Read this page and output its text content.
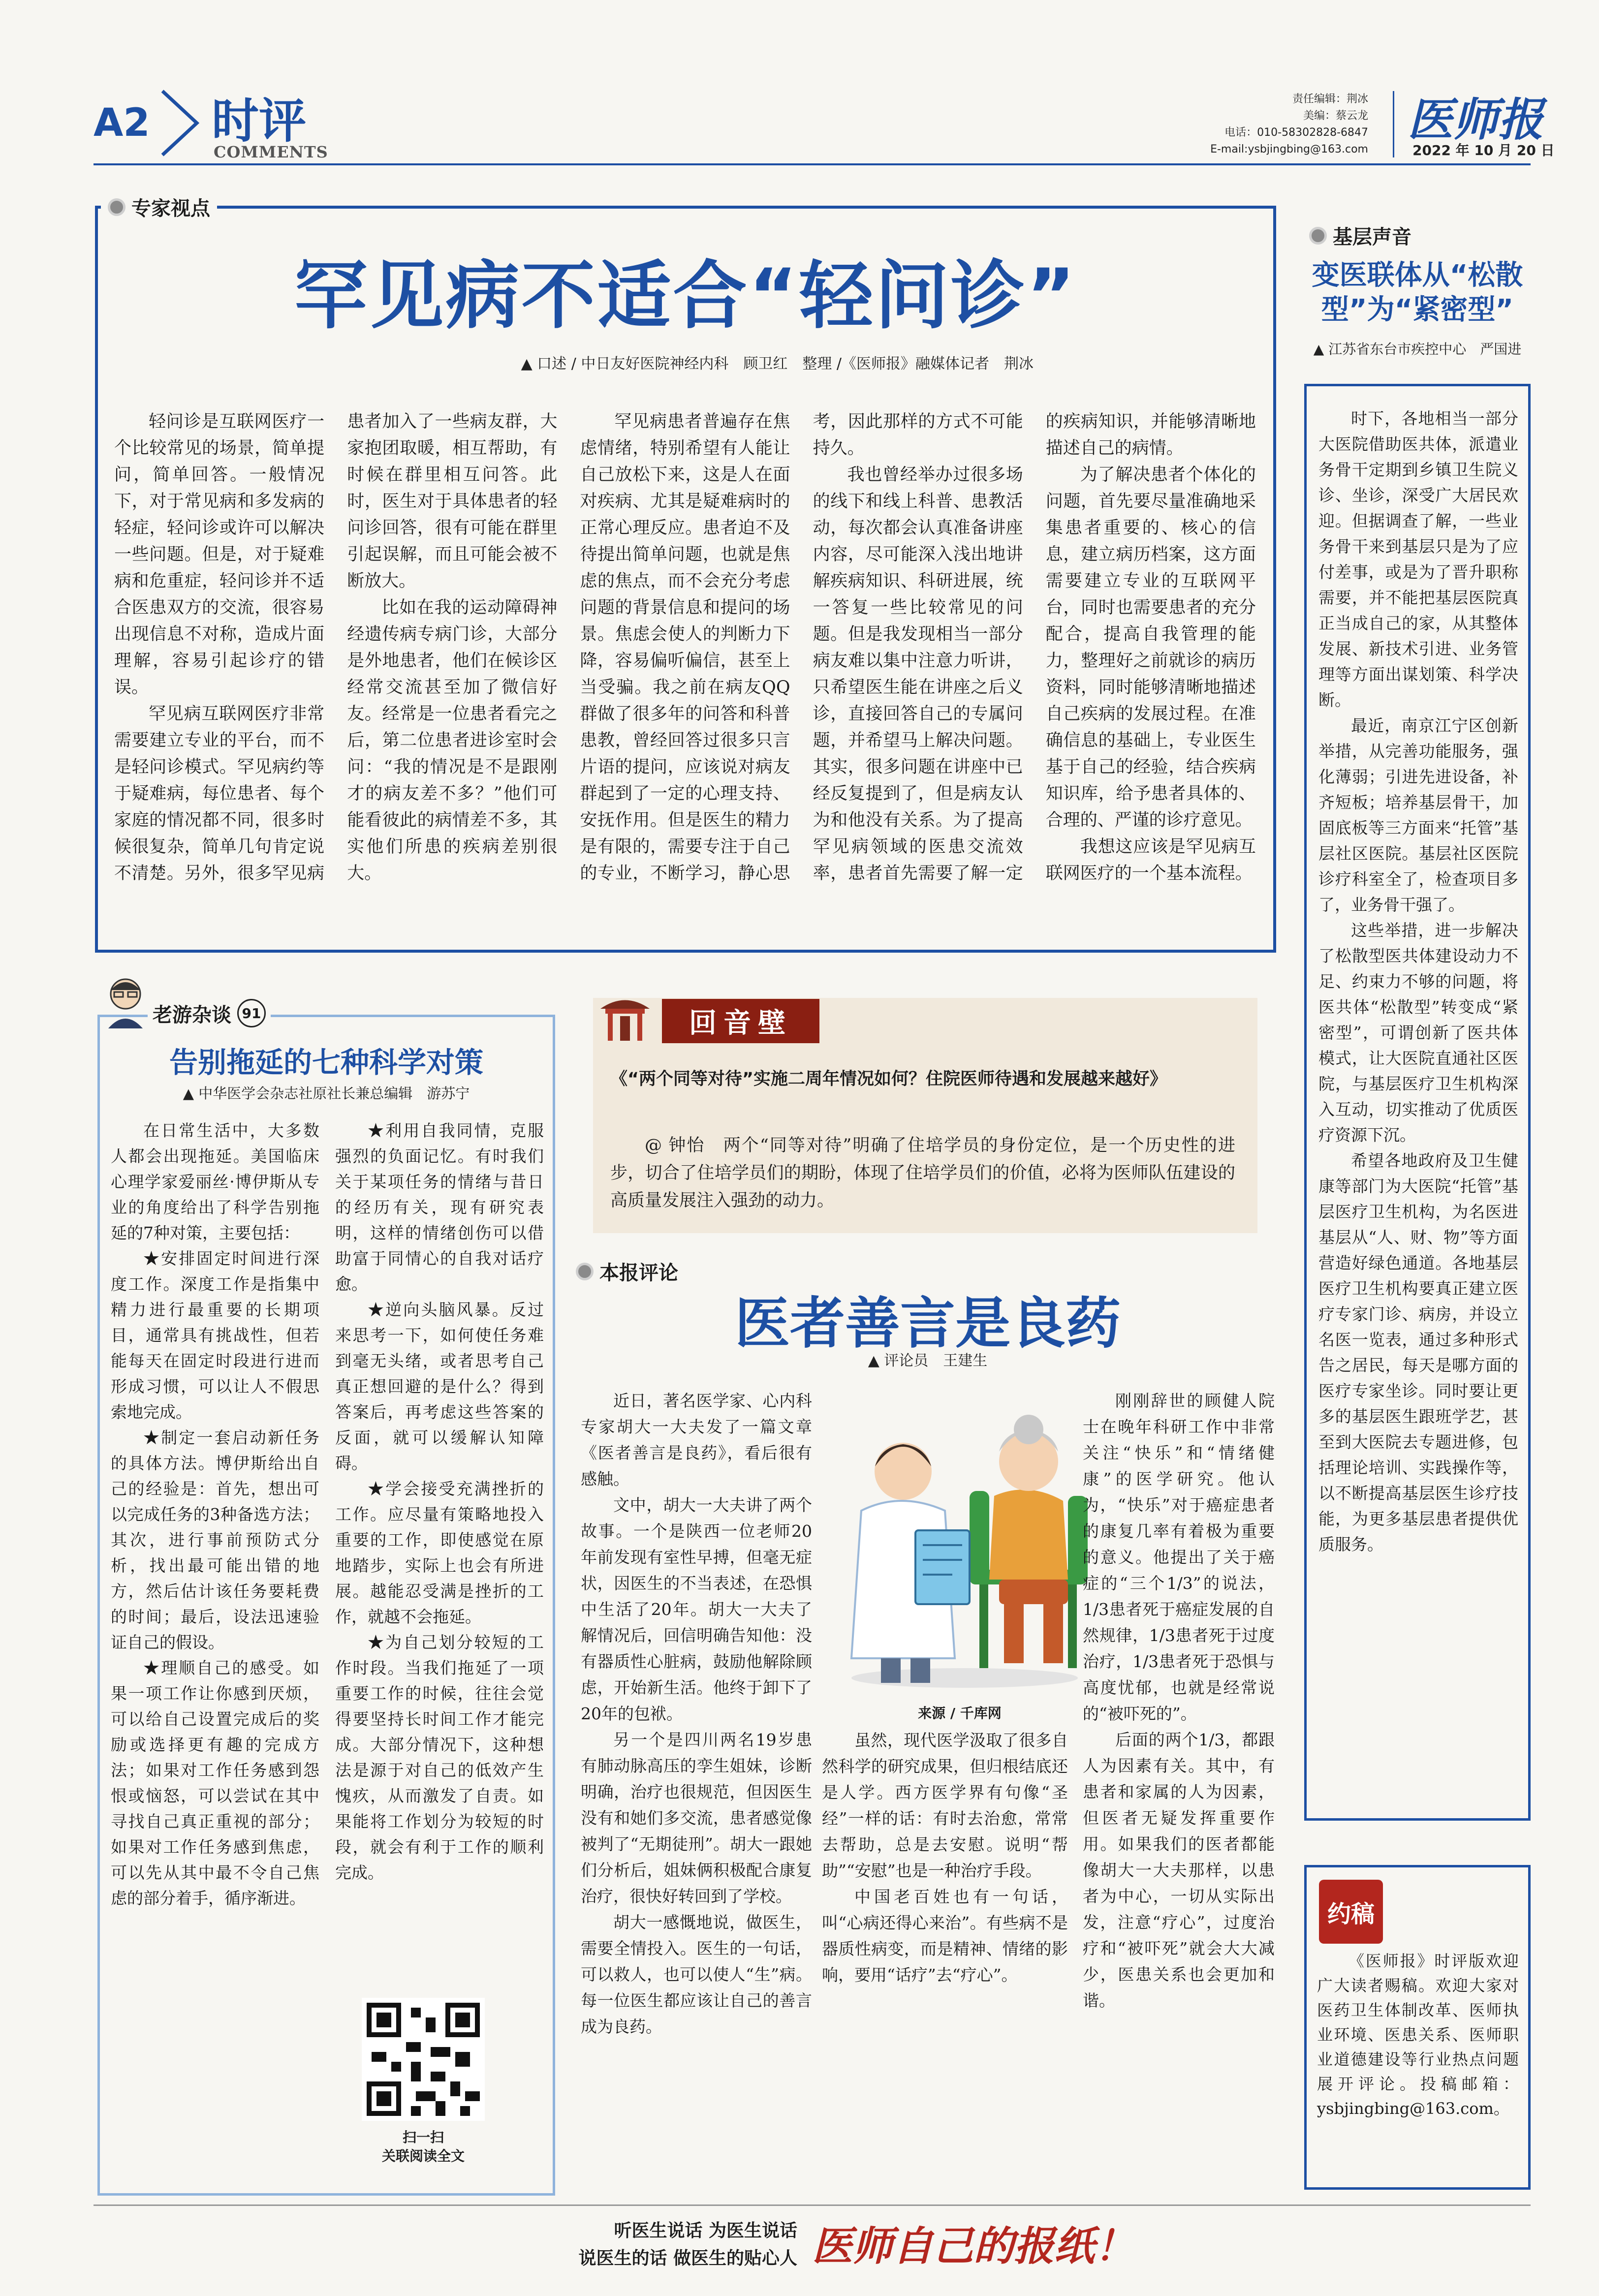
A2 时评
COMMENTS
责任编辑：荆冰
美编：蔡云龙
电话：010-58302828-6847
E-mail:ysbjingbing@163.com
医师报
2022 年 10 月 20 日
专家视点
罕见病不适合“轻问诊”
▲ 口述 / 中日友好医院神经内科　顾卫红　整理 /《医师报》融媒体记者　荆冰

轻问诊是互联网医疗一个比较常见的场景，简单提问，简单回答。一般情况下，对于常见病和多发病的轻症，轻问诊或许可以解决一些问题。但是，对于疑难病和危重症，轻问诊并不适合医患双方的交流，很容易出现信息不对称，造成片面理解，容易引起诊疗的错误。

罕见病互联网医疗非常需要建立专业的平台，而不是轻问诊模式。罕见病约等于疑难病，每位患者、每个家庭的情况都不同，很多时候很复杂，简单几句肯定说不清楚。另外，很多罕见病患者加入了一些病友群，大家抱团取暖，相互帮助，有时候在群里相互问答。此时，医生对于具体患者的轻问诊回答，很有可能在群里引起误解，而且可能会被不断放大。

比如在我的运动障碍神经遗传病专病门诊，大部分是外地患者，他们在候诊区经常交流甚至加了微信好友。经常是一位患者看完之后，第二位患者进诊室时会问：“我的情况是不是跟刚才的病友差不多？”他们可能看彼此的病情差不多，其实他们所患的疾病差别很大。

罕见病患者普遍存在焦虑情绪，特别希望有人能让自己放松下来，这是人在面对疾病、尤其是疑难病时的正常心理反应。患者迫不及待提出简单问题，也就是焦虑的焦点，而不会充分考虑问题的背景信息和提问的场景。焦虑会使人的判断力下降，容易偏听偏信，甚至上当受骗。我之前在病友QQ群做了很多年的问答和科普患教，曾经回答过很多只言片语的提问，应该说对病友群起到了一定的心理支持、安抚作用。但是医生的精力是有限的，需要专注于自己的专业，不断学习，静心思考，因此那样的方式不可能持久。

我也曾经举办过很多场的线下和线上科普、患教活动，每次都会认真准备讲座内容，尽可能深入浅出地讲解疾病知识、科研进展，统一答复一些比较常见的问题。但是我发现相当一部分病友难以集中注意力听讲，只希望医生能在讲座之后义诊，直接回答自己的专属问题，并希望马上解决问题。其实，很多问题在讲座中已经反复提到了，但是病友认为和他没有关系。为了提高罕见病领域的医患交流效率，患者首先需要了解一定的疾病知识，并能够清晰地描述自己的病情。

为了解决患者个体化的问题，首先要尽量准确地采集患者重要的、核心的信息，建立病历档案，这方面需要建立专业的互联网平台，同时也需要患者的充分配合，提高自我管理的能力，整理好之前就诊的病历资料，同时能够清晰地描述自己疾病的发展过程。在准确信息的基础上，专业医生基于自己的经验，结合疾病知识库，给予患者具体的、合理的、严谨的诊疗意见。

我想这应该是罕见病互联网医疗的一个基本流程。

基层声音
变医联体从“松散型”为“紧密型”
▲ 江苏省东台市疾控中心　严国进

时下，各地相当一部分大医院借助医共体，派遣业务骨干定期到乡镇卫生院义诊、坐诊，深受广大居民欢迎。但据调查了解，一些业务骨干来到基层只是为了应付差事，或是为了晋升职称需要，并不能把基层医院真正当成自己的家，从其整体发展、新技术引进、业务管理等方面出谋划策、科学决断。

最近，南京江宁区创新举措，从完善功能服务，强化薄弱；引进先进设备，补齐短板；培养基层骨干，加固底板等三方面来“托管”基层社区医院。基层社区医院诊疗科室全了，检查项目多了，业务骨干强了。

这些举措，进一步解决了松散型医共体建设动力不足、约束力不够的问题，将医共体“松散型”转变成“紧密型”，可谓创新了医共体模式，让大医院直通社区医院，与基层医疗卫生机构深入互动，切实推动了优质医疗资源下沉。

希望各地政府及卫生健康等部门为大医院“托管”基层医疗卫生机构，为名医进基层从“人、财、物”等方面营造好绿色通道。各地基层医疗卫生机构要真正建立医疗专家门诊、病房，并设立名医一览表，通过多种形式告之居民，每天是哪方面的医疗专家坐诊。同时要让更多的基层医生跟班学艺，甚至到大医院去专题进修，包括理论培训、实践操作等，以不断提高基层医生诊疗技能，为更多基层患者提供优质服务。

老游杂谈 91
告别拖延的七种科学对策
▲ 中华医学会杂志社原社长兼总编辑　游苏宁

在日常生活中，大多数人都会出现拖延。美国临床心理学家爱丽丝·博伊斯从专业的角度给出了科学告别拖延的7种对策，主要包括：

★安排固定时间进行深度工作。深度工作是指集中精力进行最重要的长期项目，通常具有挑战性，但若能每天在固定时段进行进而形成习惯，可以让人不假思索地完成。

★制定一套启动新任务的具体方法。博伊斯给出自己的经验是：首先，想出可以完成任务的3种备选方法；其次，进行事前预防式分析，找出最可能出错的地方，然后估计该任务要耗费的时间；最后，设法迅速验证自己的假设。

★理顺自己的感受。如果一项工作让你感到厌烦，可以给自己设置完成后的奖励或选择更有趣的完成方法；如果对工作任务感到怨恨或恼怒，可以尝试在其中寻找自己真正重视的部分；如果对工作任务感到焦虑，可以先从其中最不令自己焦虑的部分着手，循序渐进。

★利用自我同情，克服强烈的负面记忆。有时我们关于某项任务的情绪与昔日的经历有关，现有研究表明，这样的情绪创伤可以借助富于同情心的自我对话疗愈。

★逆向头脑风暴。反过来思考一下，如何使任务难到毫无头绪，或者思考自己真正想回避的是什么？得到答案后，再考虑这些答案的反面，就可以缓解认知障碍。

★学会接受充满挫折的工作。应尽量有策略地投入重要的工作，即使感觉在原地踏步，实际上也会有所进展。越能忍受满是挫折的工作，就越不会拖延。

★为自己划分较短的工作时段。当我们拖延了一项重要工作的时候，往往会觉得要坚持长时间工作才能完成。大部分情况下，这种想法是源于对自己的低效产生愧疚，从而激发了自责。如果能将工作划分为较短的时段，就会有利于工作的顺利完成。

扫一扫
关联阅读全文
回音壁
《“两个同等对待”实施二周年情况如何？住院医师待遇和发展越来越好》
@ 钟怡　两个“同等对待”明确了住培学员的身份定位，是一个历史性的进步，切合了住培学员们的期盼，体现了住培学员们的价值，必将为医师队伍建设的高质量发展注入强劲的动力。
本报评论
医者善言是良药
▲ 评论员　王建生

近日，著名医学家、心内科专家胡大一大夫发了一篇文章《医者善言是良药》，看后很有感触。

文中，胡大一大夫讲了两个故事。一个是陕西一位老师20年前发现有室性早搏，但毫无症状，因医生的不当表述，在恐惧中生活了20年。胡大一大夫了解情况后，回信明确告知他：没有器质性心脏病，鼓励他解除顾虑，开始新生活。他终于卸下了20年的包袱。

另一个是四川两名19岁患有肺动脉高压的孪生姐妹，诊断明确，治疗也很规范，但因医生没有和她们多交流，患者感觉像被判了“无期徒刑”。胡大一跟她们分析后，姐妹俩积极配合康复治疗，很快好转回到了学校。

胡大一感慨地说，做医生，需要全情投入。医生的一句话，可以救人，也可以使人“生”病。每一位医生都应该让自己的善言成为良药。

来源 / 千库网

虽然，现代医学汲取了很多自然科学的研究成果，但归根结底还是人学。西方医学界有句像“圣经”一样的话：有时去治愈，常常去帮助，总是去安慰。说明“帮助”“安慰”也是一种治疗手段。

中国老百姓也有一句话，叫“心病还得心来治”。有些病不是器质性病变，而是精神、情绪的影响，要用“话疗”去“疗心”。

刚刚辞世的顾健人院士在晚年科研工作中非常关注“快乐”和“情绪健康”的医学研究。他认为，“快乐”对于癌症患者的康复几率有着极为重要的意义。他提出了关于癌症的“三个1/3”的说法，1/3患者死于癌症发展的自然规律，1/3患者死于过度治疗，1/3患者死于恐惧与高度忧郁，也就是经常说的“被吓死的”。

后面的两个1/3，都跟人为因素有关。其中，有患者和家属的人为因素，但医者无疑发挥重要作用。如果我们的医者都能像胡大一大夫那样，以患者为中心，一切从实际出发，注意“疗心”，过度治疗和“被吓死”就会大大减少，医患关系也会更加和谐。

约稿
《医师报》时评版欢迎广大读者赐稿。欢迎大家对医药卫生体制改革、医师执业环境、医患关系、医师职业道德建设等行业热点问题展开评论。投稿邮箱：ysbjingbing@163.com。
听医生说话 为医生说话
说医生的话 做医生的贴心人 医师自己的报纸！
